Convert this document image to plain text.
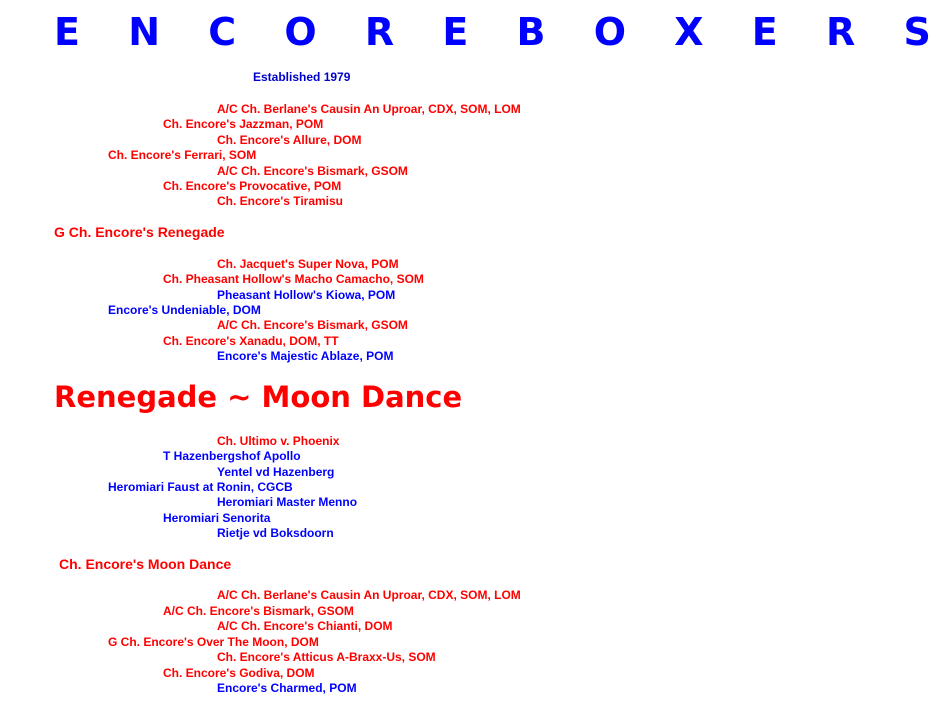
E N C O R E B O X E R S
Established 1979
A/C Ch. Berlane's Causin An Uproar, CDX, SOM, LOM
Ch. Encore's Jazzman, POM
Ch. Encore's Allure, DOM
Ch. Encore's Ferrari, SOM
A/C Ch. Encore's Bismark, GSOM
Ch. Encore's Provocative, POM
Ch. Encore's Tiramisu
G Ch. Encore's Renegade
Ch. Jacquet's Super Nova, POM
Ch. Pheasant Hollow's Macho Camacho, SOM
Pheasant Hollow's Kiowa, POM
Encore's Undeniable, DOM
A/C Ch. Encore's Bismark, GSOM
Ch. Encore's Xanadu, DOM, TT
Encore's Majestic Ablaze, POM
Renegade ~ Moon Dance
Ch. Ultimo v. Phoenix
T Hazenbergshof Apollo
Yentel vd Hazenberg
Heromiari Faust at Ronin, CGCB
Heromiari Master Menno
Heromiari Senorita
Rietje vd Boksdoorn
Ch. Encore's Moon Dance
A/C Ch. Berlane's Causin An Uproar, CDX, SOM, LOM
A/C Ch. Encore's Bismark, GSOM
A/C Ch. Encore's Chianti, DOM
G Ch. Encore's Over The Moon, DOM
Ch. Encore's Atticus A-Braxx-Us, SOM
Ch. Encore's Godiva, DOM
Encore's Charmed, POM
